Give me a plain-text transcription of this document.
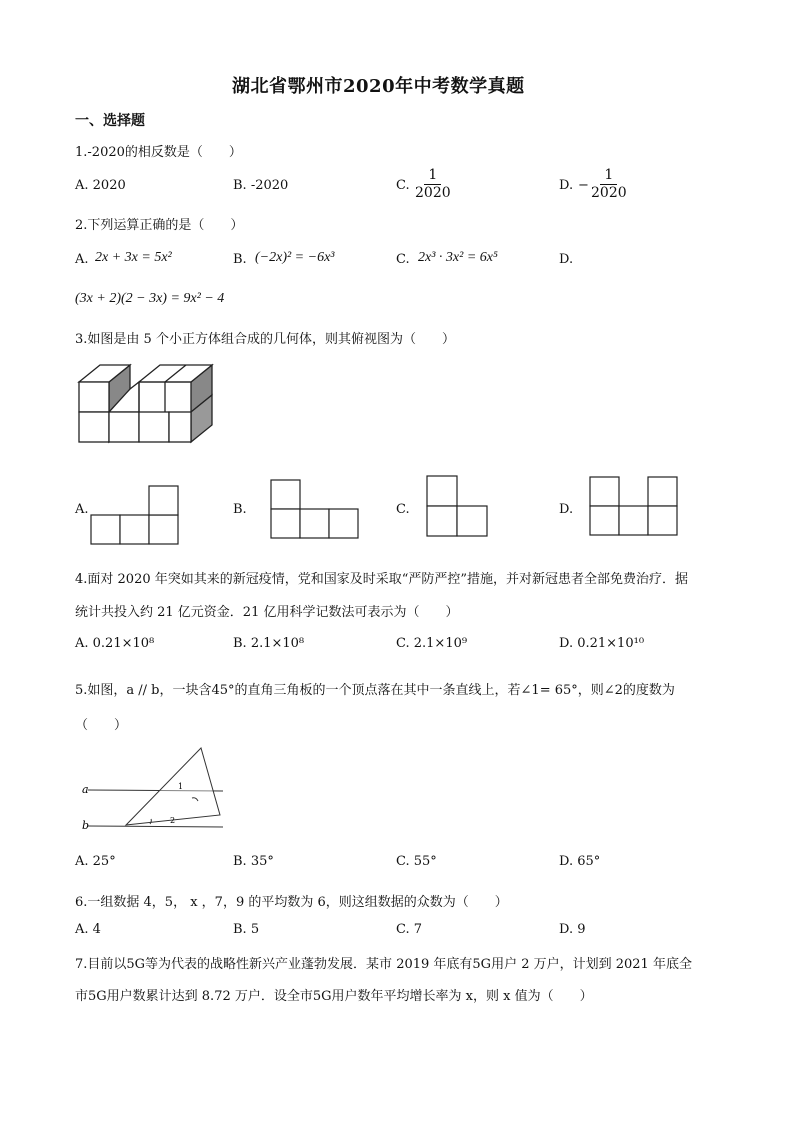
湖北省鄂州市2020年中考数学真题
一、选择题
1.-2020的相反数是（　　）
A. 2020	B. -2020	C. $\frac{1}{2020}$	D. − $\frac{1}{2020}$
2.下列运算正确的是（　　）
A. 2x + 3x = 5x²	B. (−2x)² = −6x³	C. 2x³ · 3x² = 6x⁵	D.
(3x + 2)(2 − 3x) = 9x² − 4
3.如图是由 5 个小正方体组合成的几何体，则其俯视图为（　　）
A.	B.	C.	D.
4.面对 2020 年突如其来的新冠疫情，党和国家及时采取“严防严控”措施，并对新冠患者全部免费治疗．据
统计共投入约 21 亿元资金．21 亿用科学记数法可表示为（　　）
A. 0.21×10⁸	B. 2.1×10⁸	C. 2.1×10⁹	D. 0.21×10¹⁰
5.如图，a // b，一块含45°的直角三角板的一个顶点落在其中一条直线上，若∠1= 65°，则∠2的度数为
（　　）
a
b
1
2
A. 25°	B. 35°	C. 55°	D. 65°
6.一组数据 4，5， x ，7，9 的平均数为 6，则这组数据的众数为（　　）
A. 4	B. 5	C. 7	D. 9
7.目前以5G等为代表的战略性新兴产业蓬勃发展．某市 2019 年底有5G用户 2 万户，计划到 2021 年底全
市5G用户数累计达到 8.72 万户．设全市5G用户数年平均增长率为 x，则 x 值为（　　）
